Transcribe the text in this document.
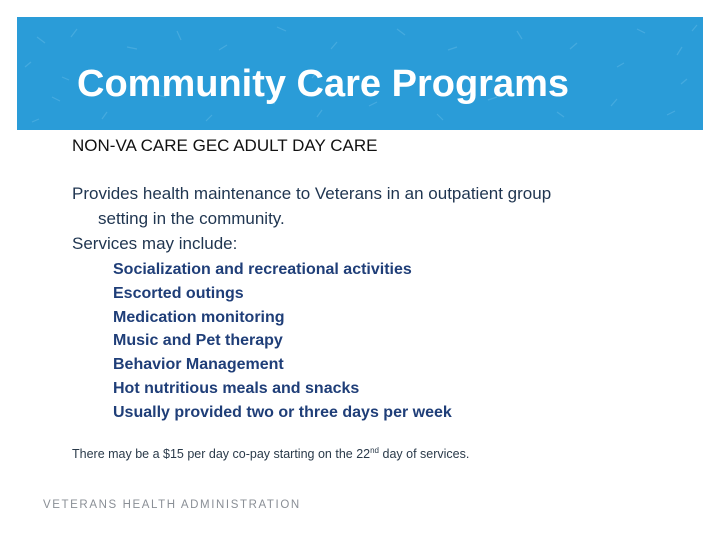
Community Care Programs
NON-VA CARE GEC ADULT DAY CARE
Provides health maintenance to Veterans in an outpatient group
setting in the community.
Services may include:
Socialization and recreational activities
Escorted outings
Medication monitoring
Music and Pet therapy
Behavior Management
Hot nutritious meals and snacks
Usually provided two or three days per week
There may be a $15 per day co-pay starting on the 22nd day of services.
VETERANS HEALTH ADMINISTRATION
